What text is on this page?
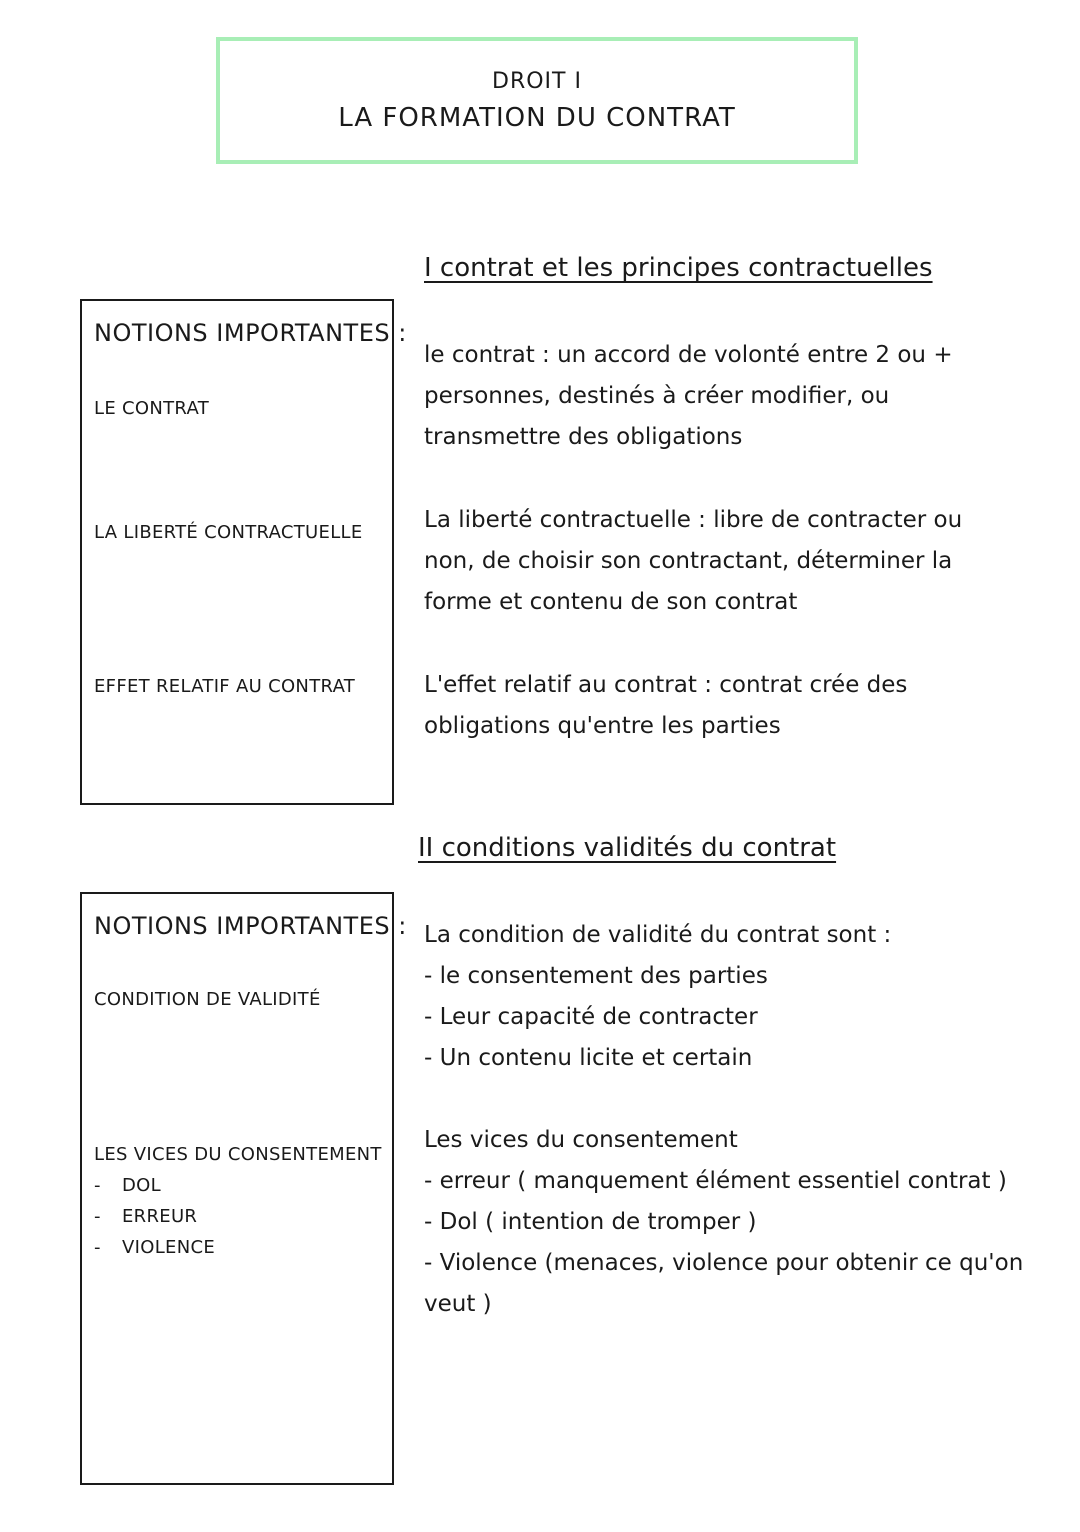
DROIT I
LA FORMATION DU CONTRAT
I contrat et les principes contractuelles
NOTIONS IMPORTANTES :
LE CONTRAT
LA LIBERTÉ CONTRACTUELLE
EFFET RELATIF AU CONTRAT

le contrat : un accord de volonté entre 2 ou +
personnes, destinés à créer modifier, ou
transmettre des obligations

La liberté contractuelle : libre de contracter ou
non, de choisir son contractant, déterminer la
forme et contenu de son contrat

L'effet relatif au contrat : contrat crée des
obligations qu'entre les parties

II conditions validités du contrat
NOTIONS IMPORTANTES :
CONDITION DE VALIDITÉ
LES VICES DU CONSENTEMENT
- DOL
- ERREUR
- VIOLENCE

La condition de validité du contrat sont :
- le consentement des parties
- Leur capacité de contracter
- Un contenu licite et certain

Les vices du consentement
- erreur ( manquement élément essentiel contrat )
- Dol ( intention de tromper )
- Violence (menaces, violence pour obtenir ce qu'on
veut )
